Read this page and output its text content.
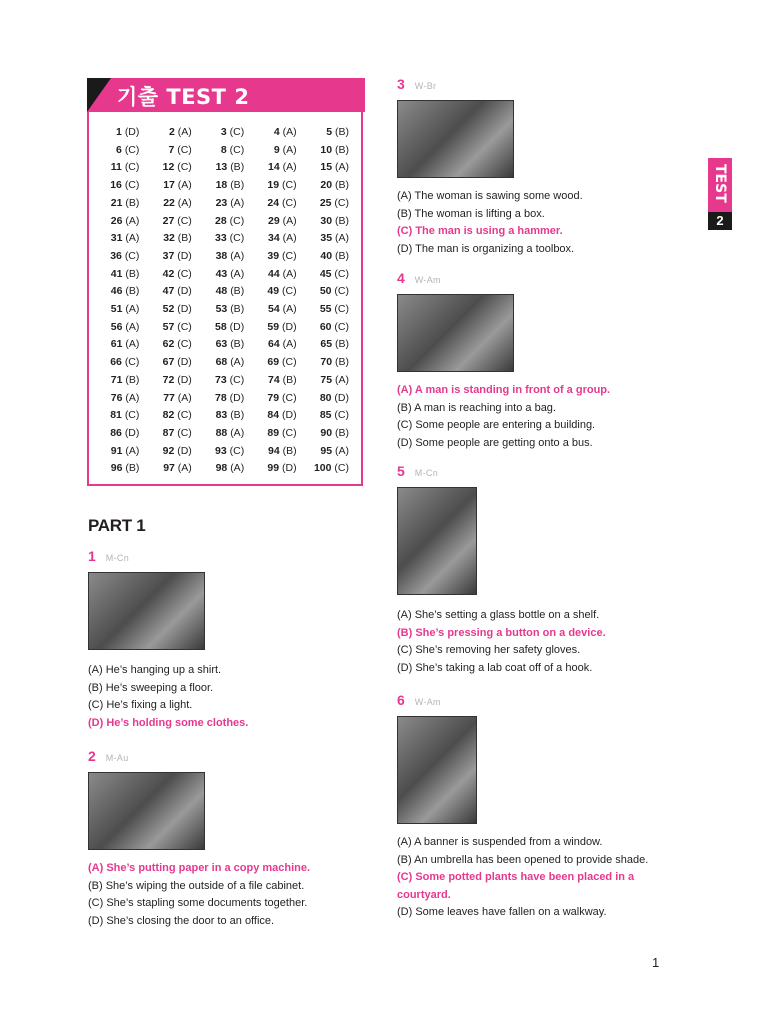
기출 TEST 2
1 (D)	2 (A)	3 (C)	4 (A)	5 (B)
6 (C)	7 (C)	8 (C)	9 (A)	10 (B)
11 (C)	12 (C)	13 (B)	14 (A)	15 (A)
16 (C)	17 (A)	18 (B)	19 (C)	20 (B)
21 (B)	22 (A)	23 (A)	24 (C)	25 (C)
26 (A)	27 (C)	28 (C)	29 (A)	30 (B)
31 (A)	32 (B)	33 (C)	34 (A)	35 (A)
36 (C)	37 (D)	38 (A)	39 (C)	40 (B)
41 (B)	42 (C)	43 (A)	44 (A)	45 (C)
46 (B)	47 (D)	48 (B)	49 (C)	50 (C)
51 (A)	52 (D)	53 (B)	54 (A)	55 (C)
56 (A)	57 (C)	58 (D)	59 (D)	60 (C)
61 (A)	62 (C)	63 (B)	64 (A)	65 (B)
66 (C)	67 (D)	68 (A)	69 (C)	70 (B)
71 (B)	72 (D)	73 (C)	74 (B)	75 (A)
76 (A)	77 (A)	78 (D)	79 (C)	80 (D)
81 (C)	82 (C)	83 (B)	84 (D)	85 (C)
86 (D)	87 (C)	88 (A)	89 (C)	90 (B)
91 (A)	92 (D)	93 (C)	94 (B)	95 (A)
96 (B)	97 (A)	98 (A)	99 (D)	100 (C)
TEST
2
PART 1
1 M-Cn
(A) He’s hanging up a shirt.
(B) He’s sweeping a floor.
(C) He’s fixing a light.
(D) He’s holding some clothes.
2 M-Au
(A) She’s putting paper in a copy machine.
(B) She’s wiping the outside of a file cabinet.
(C) She’s stapling some documents together.
(D) She’s closing the door to an office.
3 W-Br
(A) The woman is sawing some wood.
(B) The woman is lifting a box.
(C) The man is using a hammer.
(D) The man is organizing a toolbox.
4 W-Am
(A) A man is standing in front of a group.
(B) A man is reaching into a bag.
(C) Some people are entering a building.
(D) Some people are getting onto a bus.
5 M-Cn
(A) She’s setting a glass bottle on a shelf.
(B) She’s pressing a button on a device.
(C) She’s removing her safety gloves.
(D) She’s taking a lab coat off of a hook.
6 W-Am
(A) A banner is suspended from a window.
(B) An umbrella has been opened to provide shade.
(C) Some potted plants have been placed in a courtyard.
(D) Some leaves have fallen on a walkway.
1
